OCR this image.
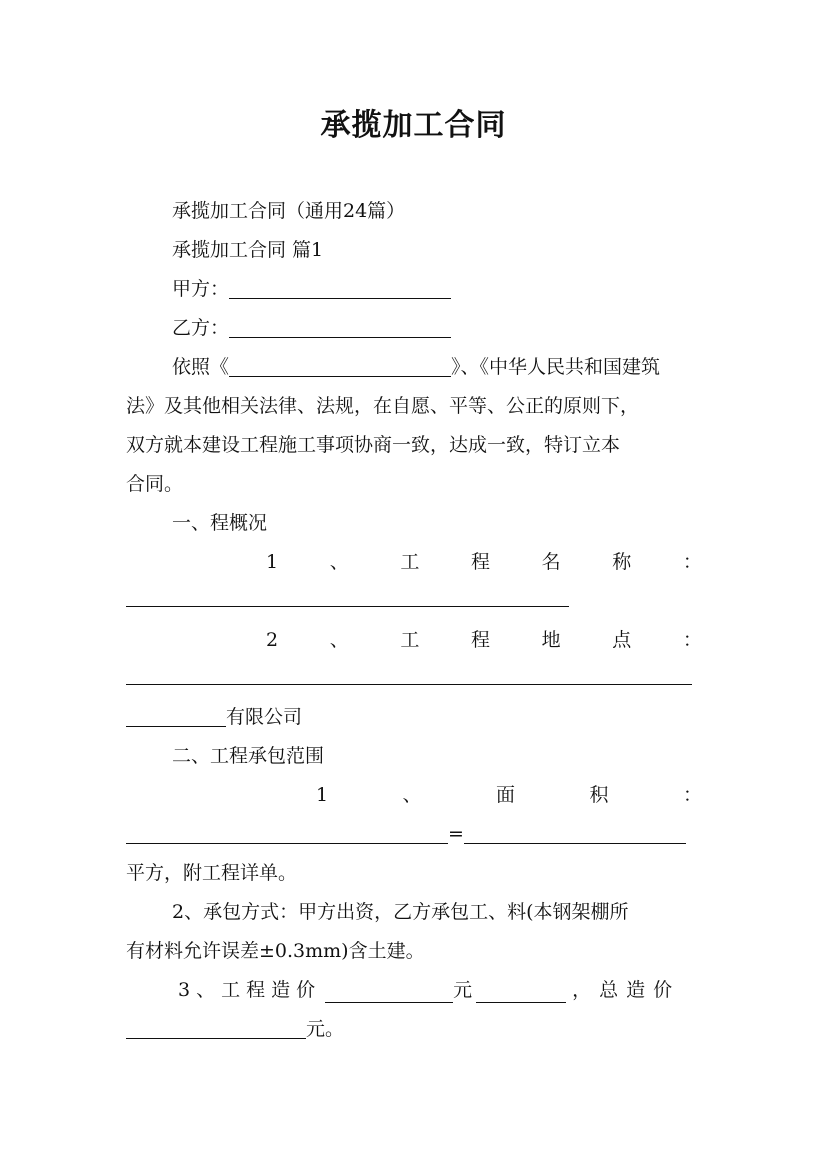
承揽加工合同
承揽加工合同（通用24篇）
承揽加工合同 篇1
甲方：
乙方：
依照《	》、《中华人民共和国建筑
法》及其他相关法律、法规，在自愿、平等、公正的原则下，
双方就本建设工程施工事项协商一致，达成一致，特订立本
合同。
一、程概况
1	、	工	程	名	称	：
2	、	工	程	地	点	：
有限公司
二、工程承包范围
1	、	面	积	：
=
平方，附工程详单。
2、承包方式：甲方出资，乙方承包工、料(本钢架棚所
有材料允许误差±0.3mm)含土建。
3、工程造价	元	，总造价
元。
